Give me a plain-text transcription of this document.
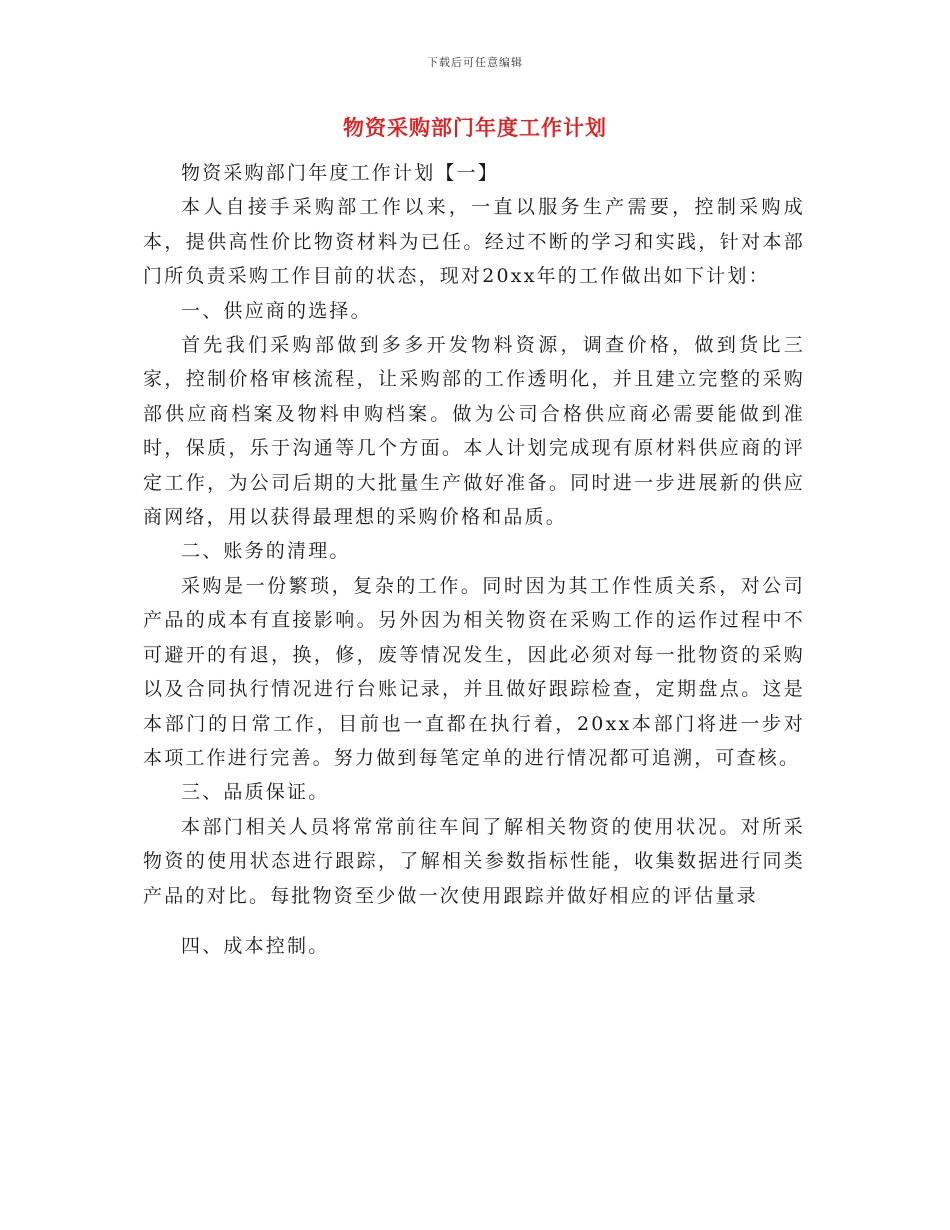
下载后可任意编辑
物资采购部门年度工作计划

物资采购部门年度工作计划【一】

本人自接手采购部工作以来，一直以服务生产需要，控制采购成本，提供高性价比物资材料为已任。经过不断的学习和实践，针对本部门所负责采购工作目前的状态，现对20xx年的工作做出如下计划：

一、供应商的选择。

首先我们采购部做到多多开发物料资源，调查价格，做到货比三家，控制价格审核流程，让采购部的工作透明化，并且建立完整的采购部供应商档案及物料申购档案。做为公司合格供应商必需要能做到准时，保质，乐于沟通等几个方面。本人计划完成现有原材料供应商的评定工作，为公司后期的大批量生产做好准备。同时进一步进展新的供应商网络，用以获得最理想的采购价格和品质。

二、账务的清理。

采购是一份繁琐，复杂的工作。同时因为其工作性质关系，对公司产品的成本有直接影响。另外因为相关物资在采购工作的运作过程中不可避开的有退，换，修，废等情况发生，因此必须对每一批物资的采购以及合同执行情况进行台账记录，并且做好跟踪检查，定期盘点。这是本部门的日常工作，目前也一直都在执行着，20xx本部门将进一步对本项工作进行完善。努力做到每笔定单的进行情况都可追溯，可查核。

三、品质保证。

本部门相关人员将常常前往车间了解相关物资的使用状况。对所采物资的使用状态进行跟踪，了解相关参数指标性能，收集数据进行同类产品的对比。每批物资至少做一次使用跟踪并做好相应的评估量录

四、成本控制。
